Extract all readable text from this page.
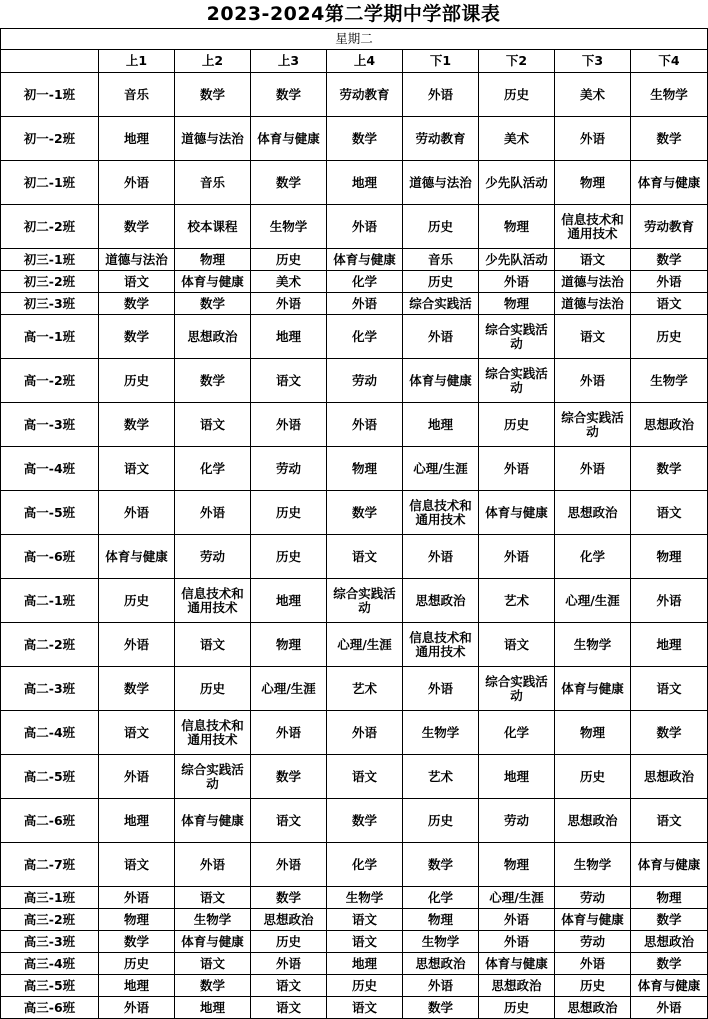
2023-2024第二学期中学部课表
星期二								
	上1	上2	上3	上4	下1	下2	下3	下4
初一-1班	音乐	数学	数学	劳动教育	外语	历史	美术	生物学
初一-2班	地理	道德与法治	体育与健康	数学	劳动教育	美术	外语	数学
初二-1班	外语	音乐	数学	地理	道德与法治	少先队活动	物理	体育与健康
初二-2班	数学	校本课程	生物学	外语	历史	物理	信息技术和通用技术	劳动教育
初三-1班	道德与法治	物理	历史	体育与健康	音乐	少先队活动	语文	数学
初三-2班	语文	体育与健康	美术	化学	历史	外语	道德与法治	外语
初三-3班	数学	数学	外语	外语	综合实践活	物理	道德与法治	语文
高一-1班	数学	思想政治	地理	化学	外语	综合实践活动	语文	历史
高一-2班	历史	数学	语文	劳动	体育与健康	综合实践活动	外语	生物学
高一-3班	数学	语文	外语	外语	地理	历史	综合实践活动	思想政治
高一-4班	语文	化学	劳动	物理	心理/生涯	外语	外语	数学
高一-5班	外语	外语	历史	数学	信息技术和通用技术	体育与健康	思想政治	语文
高一-6班	体育与健康	劳动	历史	语文	外语	外语	化学	物理
高二-1班	历史	信息技术和通用技术	地理	综合实践活动	思想政治	艺术	心理/生涯	外语
高二-2班	外语	语文	物理	心理/生涯	信息技术和通用技术	语文	生物学	地理
高二-3班	数学	历史	心理/生涯	艺术	外语	综合实践活动	体育与健康	语文
高二-4班	语文	信息技术和通用技术	外语	外语	生物学	化学	物理	数学
高二-5班	外语	综合实践活动	数学	语文	艺术	地理	历史	思想政治
高二-6班	地理	体育与健康	语文	数学	历史	劳动	思想政治	语文
高二-7班	语文	外语	外语	化学	数学	物理	生物学	体育与健康
高三-1班	外语	语文	数学	生物学	化学	心理/生涯	劳动	物理
高三-2班	物理	生物学	思想政治	语文	物理	外语	体育与健康	数学
高三-3班	数学	体育与健康	历史	语文	生物学	外语	劳动	思想政治
高三-4班	历史	语文	外语	地理	思想政治	体育与健康	外语	数学
高三-5班	地理	数学	语文	历史	外语	思想政治	历史	体育与健康
高三-6班	外语	地理	语文	语文	数学	历史	思想政治	外语
